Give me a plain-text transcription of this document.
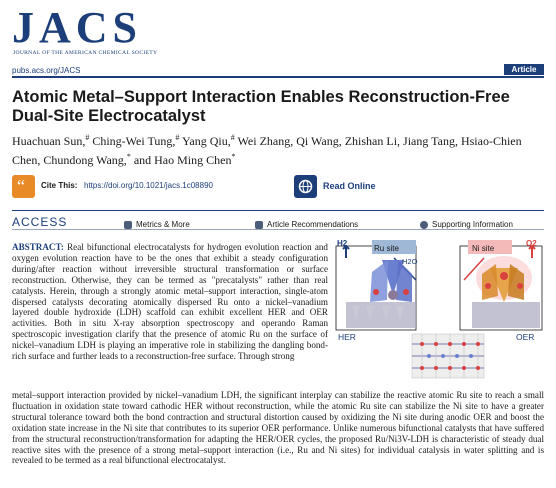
JACS
JOURNAL OF THE AMERICAN CHEMICAL SOCIETY
pubs.acs.org/JACS	Article
Atomic Metal–Support Interaction Enables Reconstruction-Free Dual-Site Electrocatalyst
Huachuan Sun,# Ching-Wei Tung,# Yang Qiu,# Wei Zhang, Qi Wang, Zhishan Li, Jiang Tang, Hsiao-Chien Chen, Chundong Wang,* and Hao Ming Chen*
“ Cite This: https://doi.org/10.1021/jacs.1c08890	Read Online
ACCESS	Metrics & More	Article Recommendations	Supporting Information
ABSTRACT: Real bifunctional electrocatalysts for hydrogen evolution reaction and oxygen evolution reaction have to be the ones that exhibit a steady configuration during/after reaction without irreversible structural transformation or surface reconstruction. Otherwise, they can be termed as "precatalysts" rather than real catalysts. Herein, through a strongly atomic metal–support interaction, single-atom dispersed catalysts decorating atomically dispersed Ru onto a nickel–vanadium layered double hydroxide (LDH) scaffold can exhibit excellent HER and OER activities. Both in situ X-ray absorption spectroscopy and operando Raman spectroscopic investigation clarify that the presence of atomic Ru on the surface of nickel–vanadium LDH is playing an imperative role in stabilizing the dangling bond-rich surface and further leads to a reconstruction-free surface. Through strong
Ru site
H2
H2O
HER
Ni site
O2
OER
metal–support interaction provided by nickel–vanadium LDH, the significant interplay can stabilize the reactive atomic Ru site to reach a small fluctuation in oxidation state toward cathodic HER without reconstruction, while the atomic Ru site can stabilize the Ni site to have a greater structural tolerance toward both the bond contraction and structural distortion caused by oxidizing the Ni site during anodic OER and boost the oxidation state increase in the Ni site that contributes to its superior OER performance. Unlike numerous bifunctional catalysts that have suffered from the structural reconstruction/transformation for adapting the HER/OER cycles, the proposed Ru/Ni3V-LDH is characteristic of steady dual reactive sites with the presence of a strong metal–support interaction (i.e., Ru and Ni sites) for individual catalysis in water splitting and is revealed to be termed as a real bifunctional electrocatalyst.
